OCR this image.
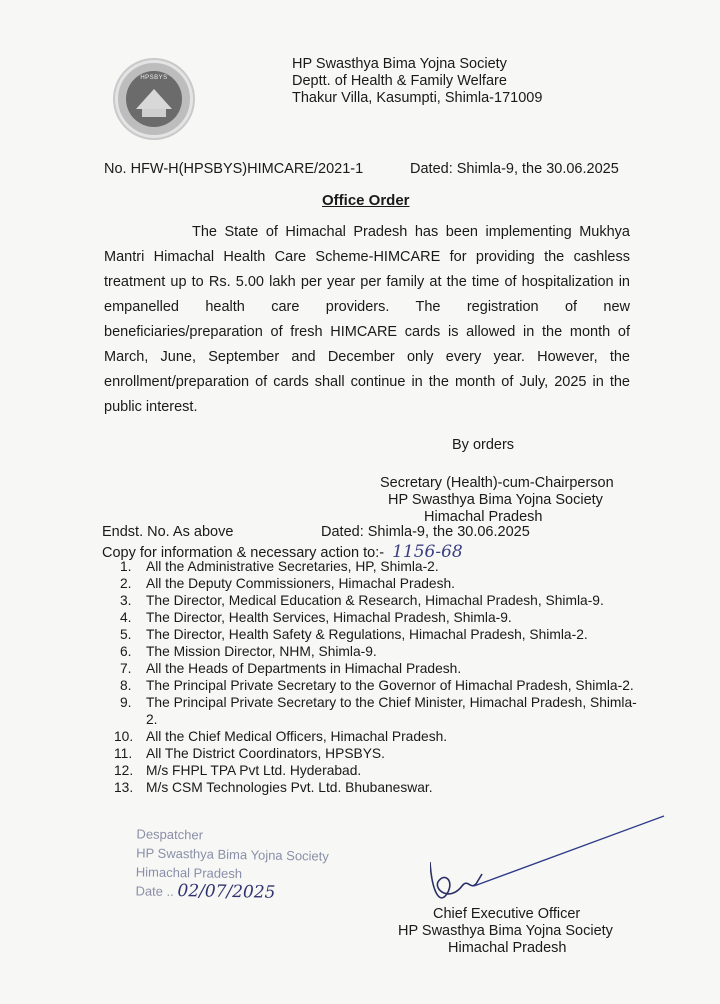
HPSBYS
HP Swasthya Bima Yojna Society
Deptt. of Health & Family Welfare
Thakur Villa, Kasumpti, Shimla-171009
No. HFW-H(HPSBYS)HIMCARE/2021-1	Dated: Shimla-9, the 30.06.2025
Office Order
The State of Himachal Pradesh has been implementing Mukhya
Mantri Himachal Health Care Scheme-HIMCARE for providing the cashless
treatment up to Rs. 5.00 lakh per year per family at the time of hospitalization in
empanelled health care providers. The registration of new
beneficiaries/preparation of fresh HIMCARE cards is allowed in the month of
March, June, September and December only every year. However, the
enrollment/preparation of cards shall continue in the month of July, 2025 in the
public interest.
By orders
Secretary (Health)-cum-Chairperson
HP Swasthya Bima Yojna Society
Himachal Pradesh
Endst. No. As above	Dated: Shimla-9, the 30.06.2025
Copy for information & necessary action to:- 1156-68
1.	All the Administrative Secretaries, HP, Shimla-2.
2.	All the Deputy Commissioners, Himachal Pradesh.
3.	The Director, Medical Education & Research, Himachal Pradesh, Shimla-9.
4.	The Director, Health Services, Himachal Pradesh, Shimla-9.
5.	The Director, Health Safety & Regulations, Himachal Pradesh, Shimla-2.
6.	The Mission Director, NHM, Shimla-9.
7.	All the Heads of Departments in Himachal Pradesh.
8.	The Principal Private Secretary to the Governor of Himachal Pradesh, Shimla-2.
9.	The Principal Private Secretary to the Chief Minister, Himachal Pradesh, Shimla-2.
10. All the Chief Medical Officers, Himachal Pradesh.
11.	All The District Coordinators, HPSBYS.
12. M/s FHPL TPA Pvt Ltd. Hyderabad.
13. M/s CSM Technologies Pvt. Ltd. Bhubaneswar.
Despatcher
HP Swasthya Bima Yojna Society
Himachal Pradesh
Date .. 02/07/2025
Chief Executive Officer
HP Swasthya Bima Yojna Society
Himachal Pradesh
